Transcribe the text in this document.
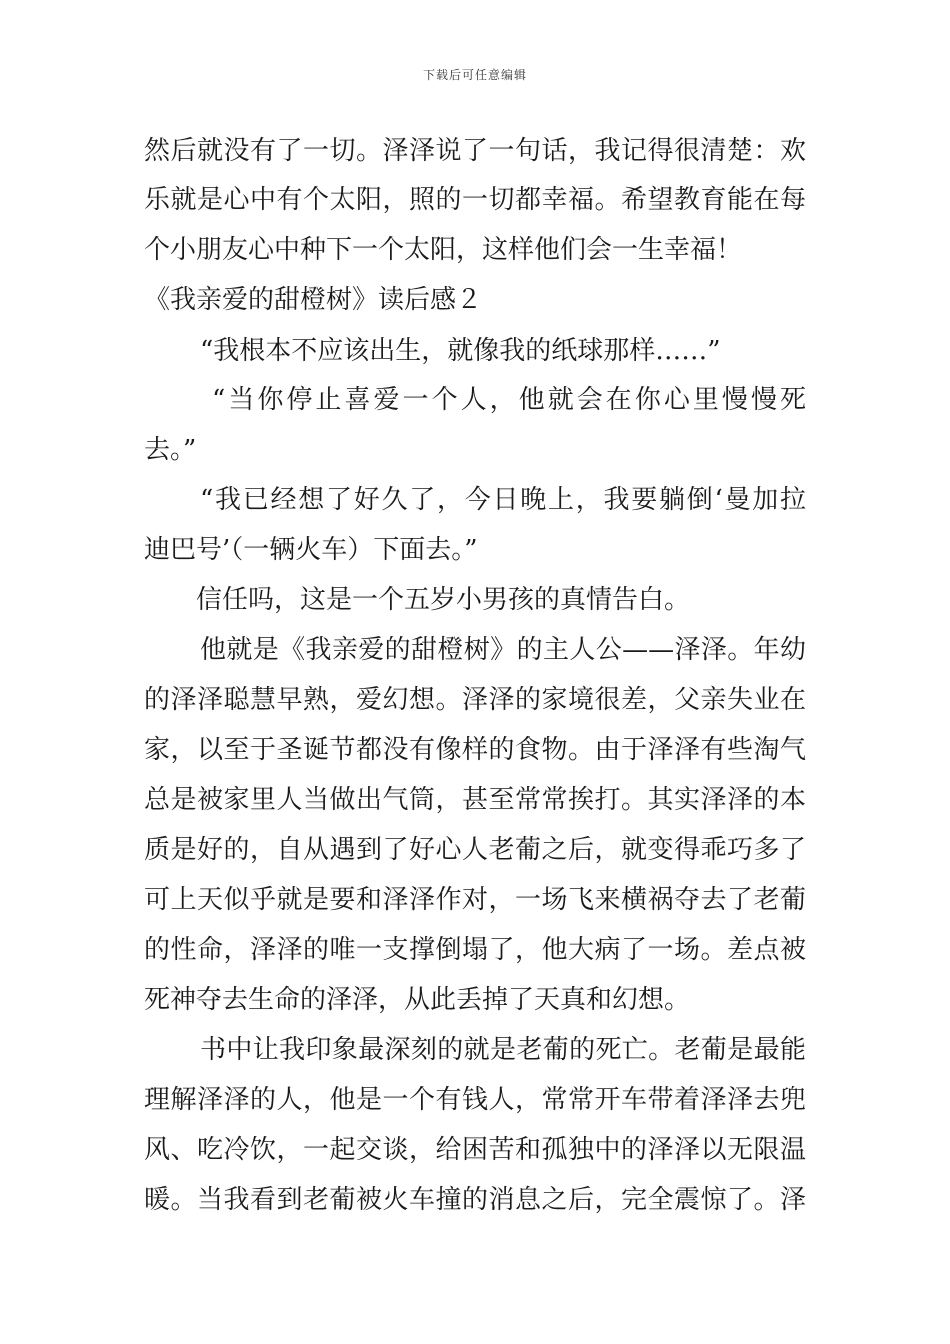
下载后可任意编辑
然后就没有了一切。泽泽说了一句话，我记得很清楚：欢
乐就是心中有个太阳，照的一切都幸福。希望教育能在每
个小朋友心中种下一个太阳，这样他们会一生幸福！
《我亲爱的甜橙树》读后感２
“我根本不应该出生，就像我的纸球那样……”
“当你停止喜爱一个人，他就会在你心里慢慢死
去。”
“我已经想了好久了，今日晚上，我要躺倒‘曼加拉
迪巴号’（一辆火车）下面去。”
信任吗，这是一个五岁小男孩的真情告白。
他就是《我亲爱的甜橙树》的主人公——泽泽。年幼
的泽泽聪慧早熟，爱幻想。泽泽的家境很差，父亲失业在
家，以至于圣诞节都没有像样的食物。由于泽泽有些淘气
总是被家里人当做出气筒，甚至常常挨打。其实泽泽的本
质是好的，自从遇到了好心人老葡之后，就变得乖巧多了
可上天似乎就是要和泽泽作对，一场飞来横祸夺去了老葡
的性命，泽泽的唯一支撑倒塌了，他大病了一场。差点被
死神夺去生命的泽泽，从此丢掉了天真和幻想。
书中让我印象最深刻的就是老葡的死亡。老葡是最能
理解泽泽的人，他是一个有钱人，常常开车带着泽泽去兜
风、吃冷饮，一起交谈，给困苦和孤独中的泽泽以无限温
暖。当我看到老葡被火车撞的消息之后，完全震惊了。泽
